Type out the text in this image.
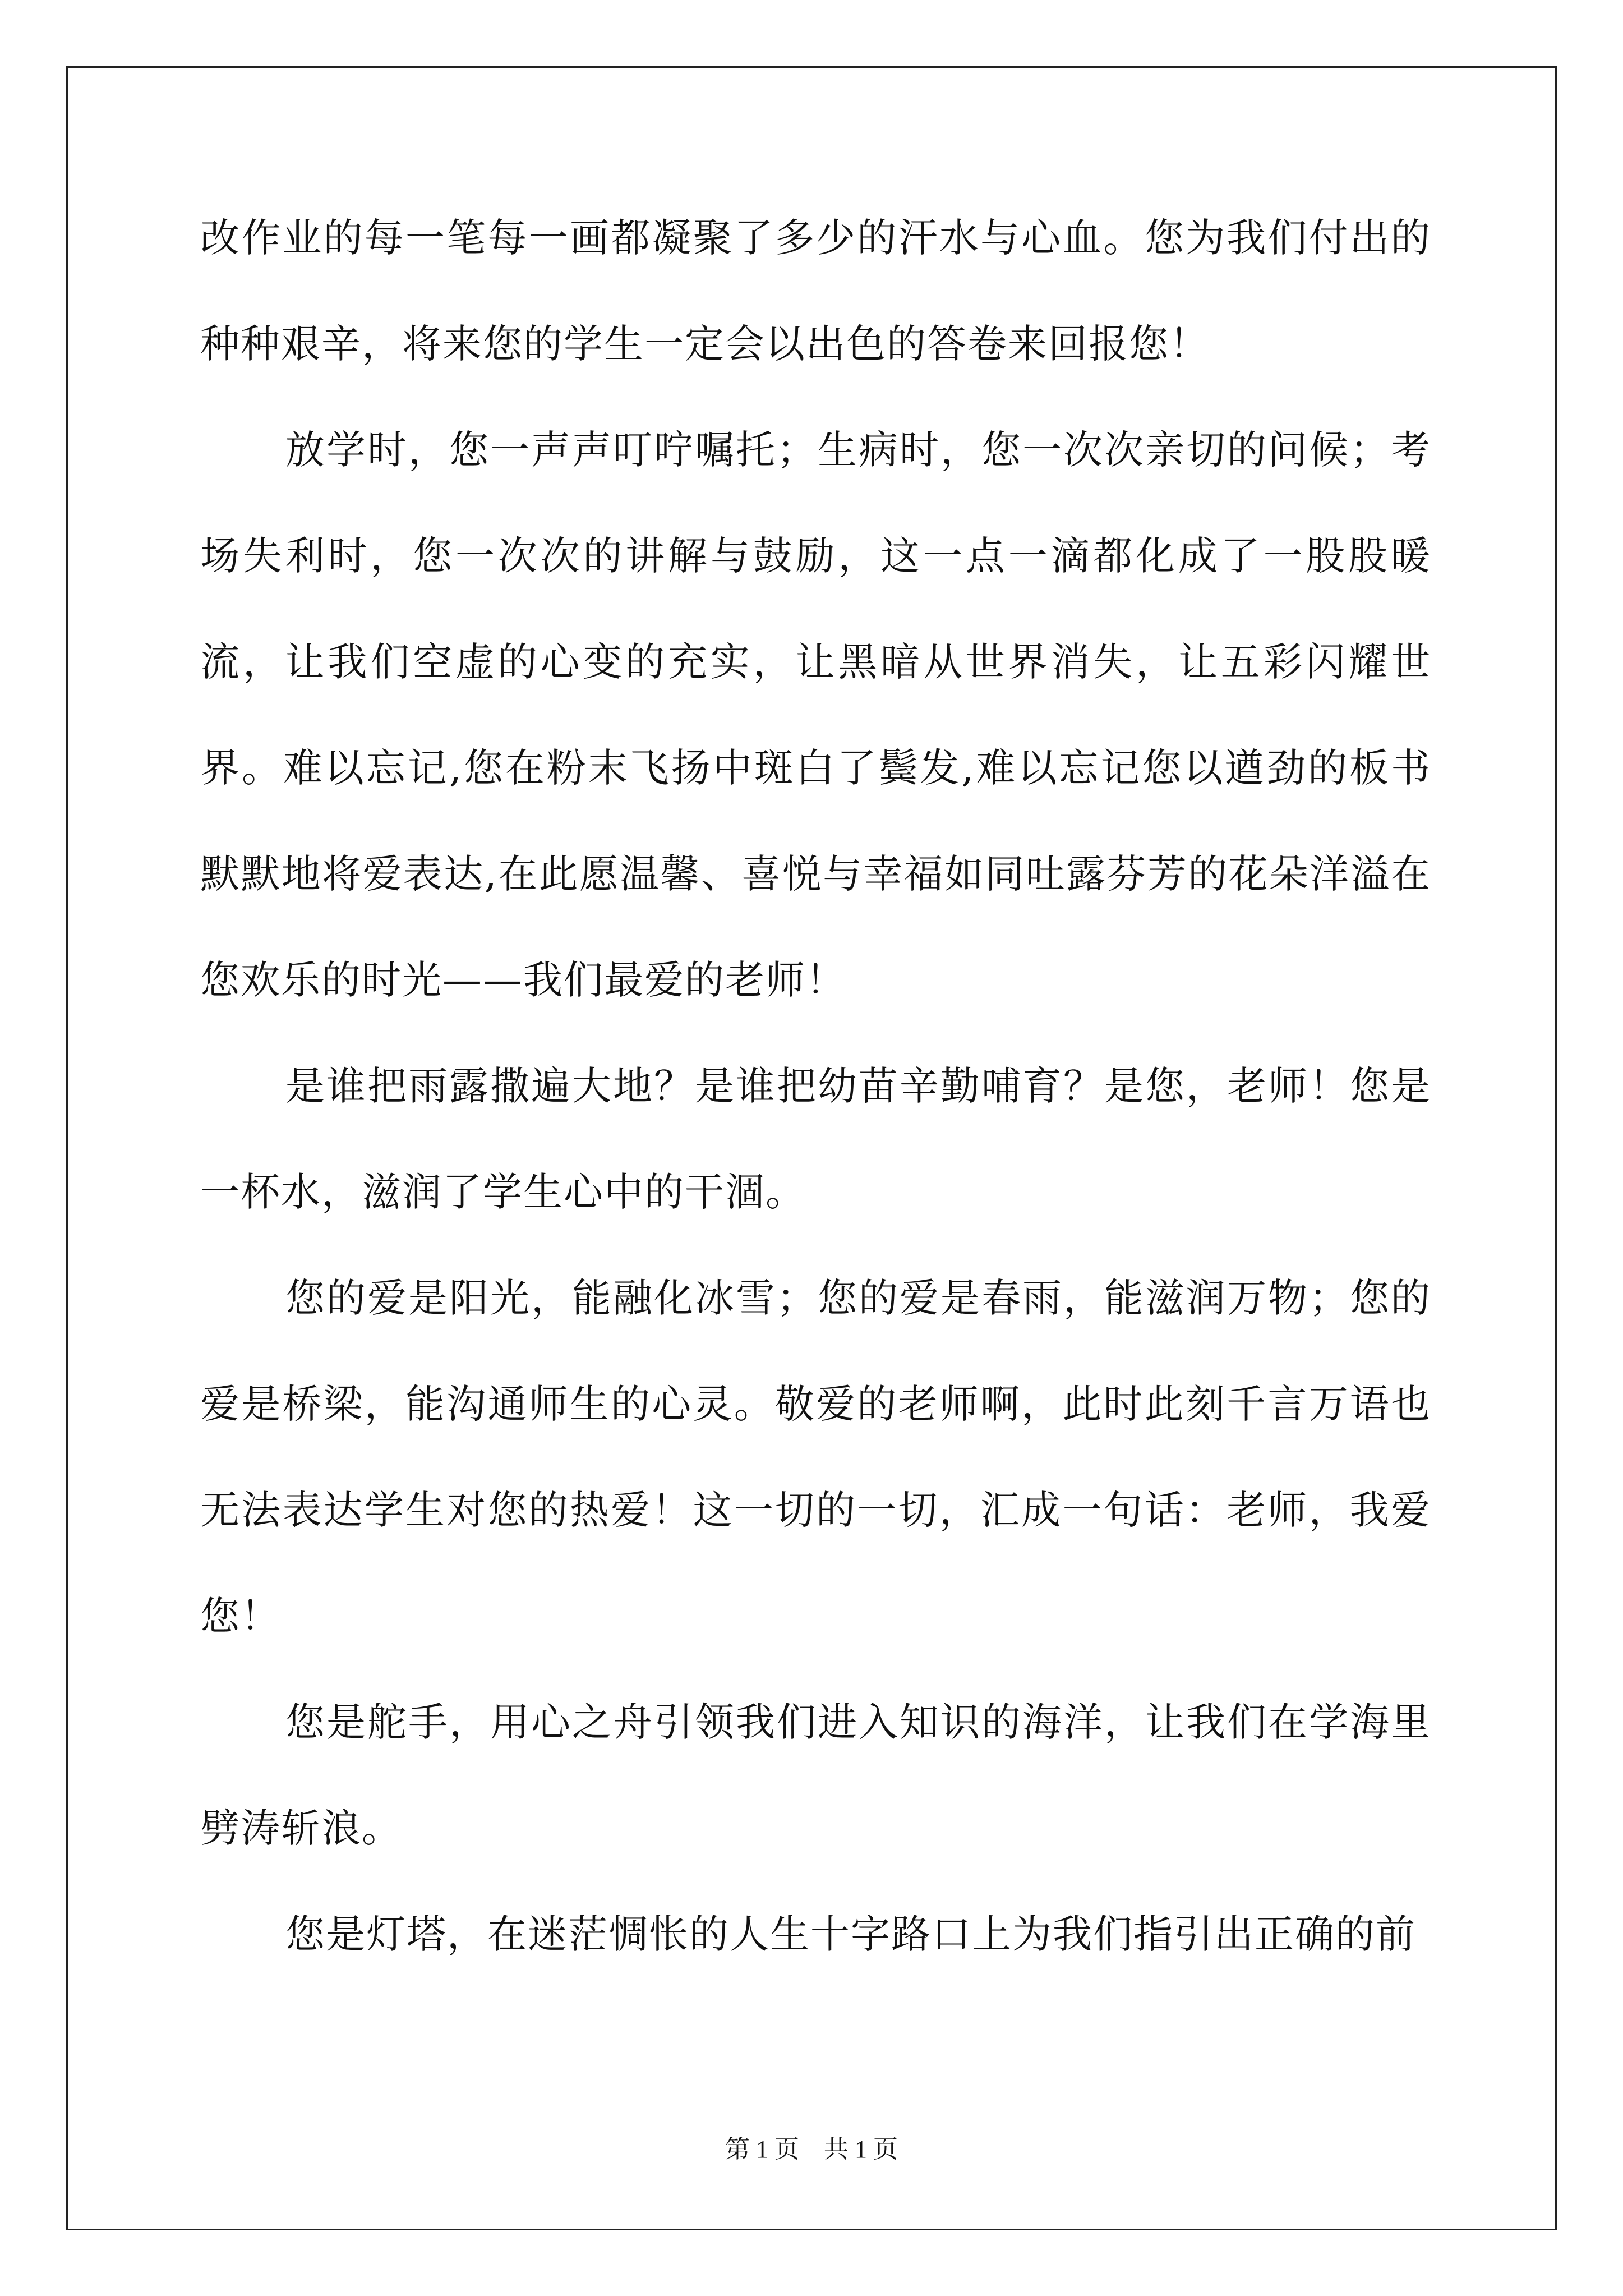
改作业的每一笔每一画都凝聚了多少的汗水与心血。您为我们付出的种种艰辛，将来您的学生一定会以出色的答卷来回报您！

放学时，您一声声叮咛嘱托；生病时，您一次次亲切的问候；考场失利时，您一次次的讲解与鼓励，这一点一滴都化成了一股股暖流，让我们空虚的心变的充实，让黑暗从世界消失，让五彩闪耀世界。难以忘记,您在粉末飞扬中斑白了鬓发,难以忘记您以遒劲的板书默默地将爱表达,在此愿温馨、喜悦与幸福如同吐露芬芳的花朵洋溢在您欢乐的时光——我们最爱的老师！

是谁把雨露撒遍大地？是谁把幼苗辛勤哺育？是您，老师！您是一杯水，滋润了学生心中的干涸。

您的爱是阳光，能融化冰雪；您的爱是春雨，能滋润万物；您的爱是桥梁，能沟通师生的心灵。敬爱的老师啊，此时此刻千言万语也无法表达学生对您的热爱！这一切的一切，汇成一句话：老师，我爱您！

您是舵手，用心之舟引领我们进入知识的海洋，让我们在学海里劈涛斩浪。

您是灯塔，在迷茫惆怅的人生十字路口上为我们指引出正确的前

第 1 页　共 1 页
